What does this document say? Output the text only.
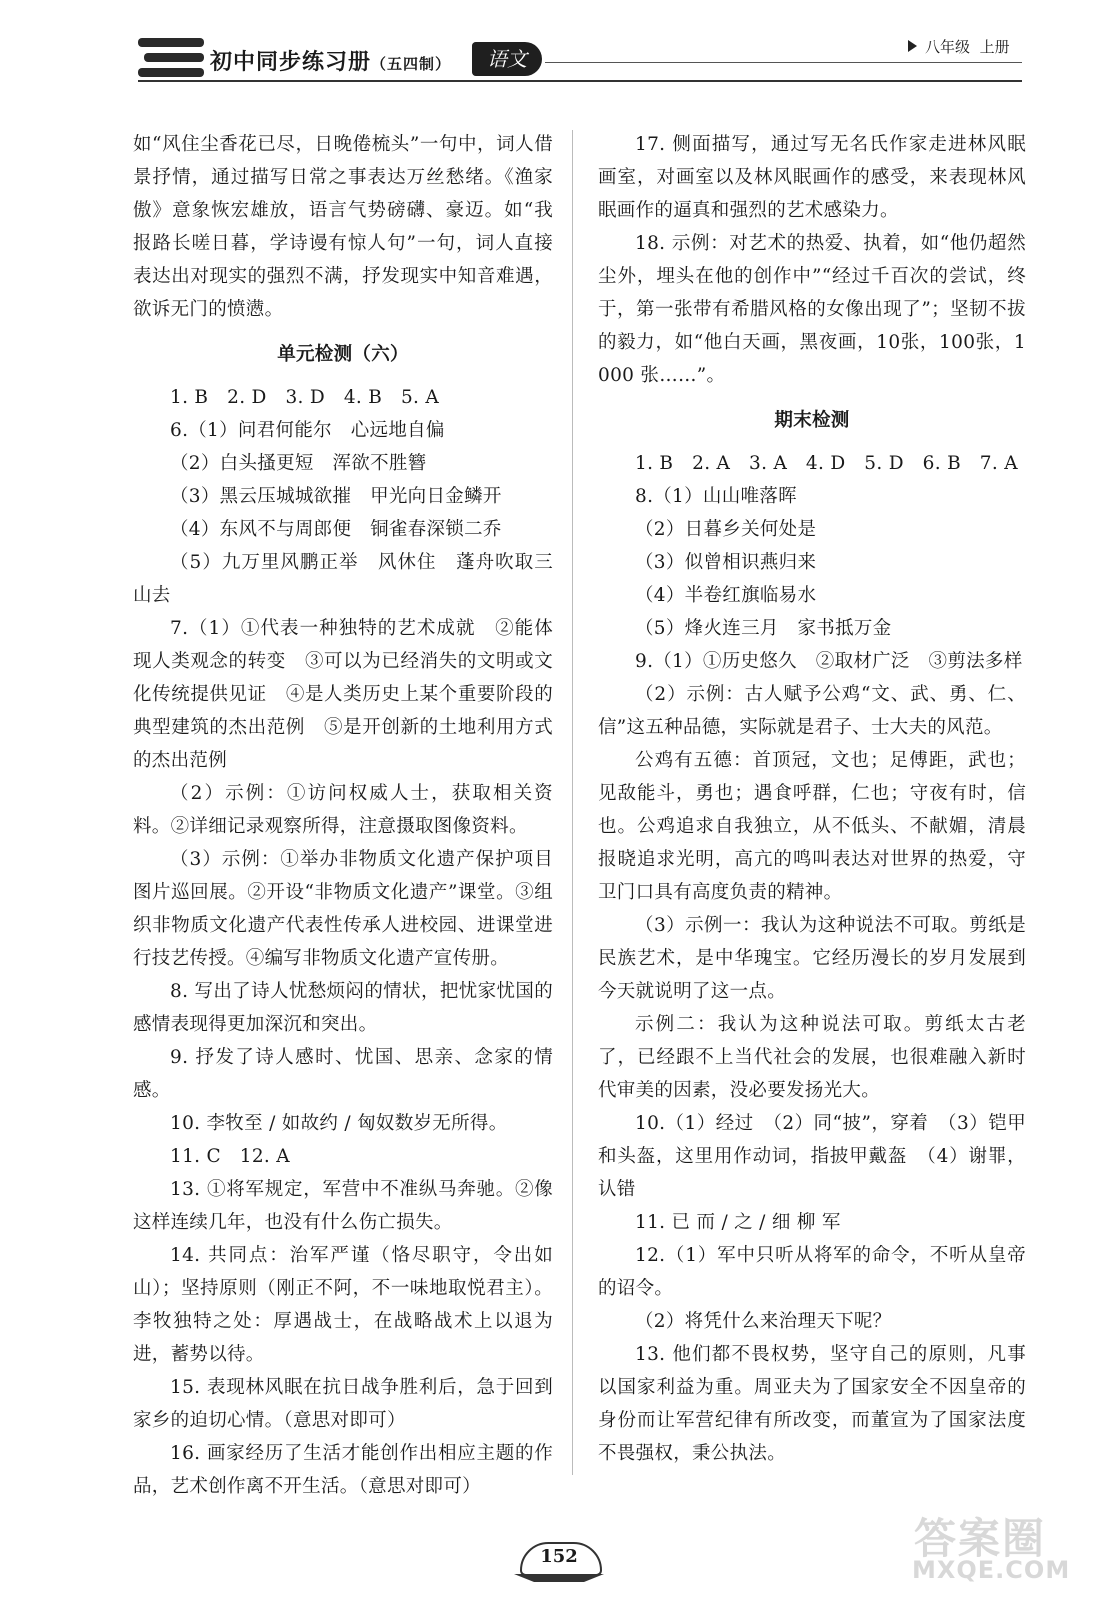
初中同步练习册（五四制）	语文	八年级 上册

如“风住尘香花已尽，日晚倦梳头”一句中，词人借景抒情，通过描写日常之事表达万丝愁绪。《渔家傲》意象恢宏雄放，语言气势磅礴、豪迈。如“我报路长嗟日暮，学诗谩有惊人句”一句，词人直接表达出对现实的强烈不满，抒发现实中知音难遇，欲诉无门的愤懑。

单元检测（六）

1. B　2. D　3. D　4. B　5. A

6.（1）问君何能尔　心远地自偏

（2）白头搔更短　浑欲不胜簪

（3）黑云压城城欲摧　甲光向日金鳞开

（4）东风不与周郎便　铜雀春深锁二乔

（5）九万里风鹏正举　风休住　蓬舟吹取三山去

7.（1）①代表一种独特的艺术成就　②能体现人类观念的转变　③可以为已经消失的文明或文化传统提供见证　④是人类历史上某个重要阶段的典型建筑的杰出范例　⑤是开创新的土地利用方式的杰出范例

（2）示例：①访问权威人士，获取相关资料。②详细记录观察所得，注意摄取图像资料。

（3）示例：①举办非物质文化遗产保护项目图片巡回展。②开设“非物质文化遗产”课堂。③组织非物质文化遗产代表性传承人进校园、进课堂进行技艺传授。④编写非物质文化遗产宣传册。

8. 写出了诗人忧愁烦闷的情状，把忧家忧国的感情表现得更加深沉和突出。

9. 抒发了诗人感时、忧国、思亲、念家的情感。

10. 李牧至 / 如故约 / 匈奴数岁无所得。

11. C　12. A

13. ①将军规定，军营中不准纵马奔驰。②像这样连续几年，也没有什么伤亡损失。

14. 共同点：治军严谨（恪尽职守，令出如山）；坚持原则（刚正不阿，不一味地取悦君主）。李牧独特之处：厚遇战士，在战略战术上以退为进，蓄势以待。

15. 表现林风眠在抗日战争胜利后，急于回到家乡的迫切心情。（意思对即可）

16. 画家经历了生活才能创作出相应主题的作品，艺术创作离不开生活。（意思对即可）

17. 侧面描写，通过写无名氏作家走进林风眠画室，对画室以及林风眠画作的感受，来表现林风眠画作的逼真和强烈的艺术感染力。

18. 示例：对艺术的热爱、执着，如“他仍超然尘外，埋头在他的创作中”“经过千百次的尝试，终于，第一张带有希腊风格的女像出现了”；坚韧不拔的毅力，如“他白天画，黑夜画，10张，100张，1 000 张……”。

期末检测

1. B　2. A　3. A　4. D　5. D　6. B　7. A

8.（1）山山唯落晖

（2）日暮乡关何处是

（3）似曾相识燕归来

（4）半卷红旗临易水

（5）烽火连三月　家书抵万金

9.（1）①历史悠久　②取材广泛　③剪法多样

（2）示例：古人赋予公鸡“文、武、勇、仁、信”这五种品德，实际就是君子、士大夫的风范。

公鸡有五德：首顶冠，文也；足傅距，武也；见敌能斗，勇也；遇食呼群，仁也；守夜有时，信也。公鸡追求自我独立，从不低头、不献媚，清晨报晓追求光明，高亢的鸣叫表达对世界的热爱，守卫门口具有高度负责的精神。

（3）示例一：我认为这种说法不可取。剪纸是民族艺术，是中华瑰宝。它经历漫长的岁月发展到今天就说明了这一点。

示例二：我认为这种说法可取。剪纸太古老了，已经跟不上当代社会的发展，也很难融入新时代审美的因素，没必要发扬光大。

10.（1）经过　（2）同“披”，穿着　（3）铠甲和头盔，这里用作动词，指披甲戴盔　（4）谢罪，认错

11. 已 而 / 之 / 细 柳 军

12.（1）军中只听从将军的命令，不听从皇帝的诏令。

（2）将凭什么来治理天下呢？

13. 他们都不畏权势，坚守自己的原则，凡事以国家利益为重。周亚夫为了国家安全不因皇帝的身份而让军营纪律有所改变，而董宣为了国家法度不畏强权，秉公执法。

152	答案圈
MXQE.COM
